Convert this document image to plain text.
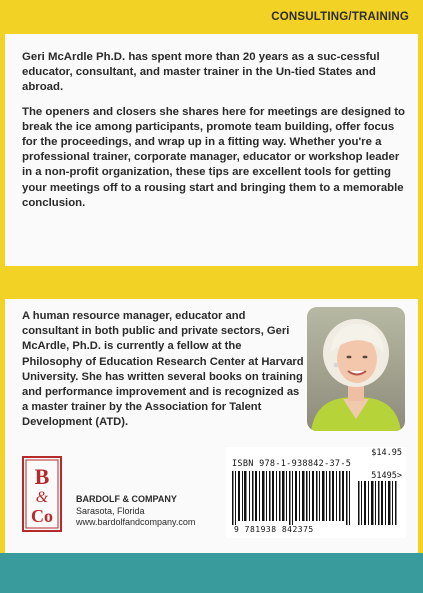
CONSULTING/TRAINING

Geri McArdle Ph.D. has spent more than 20 years as a suc-cessful educator, consultant, and master trainer in the Un-tied States and abroad.

The openers and closers she shares here for meetings are designed to break the ice among participants, promote team building, offer focus for the proceedings, and wrap up in a fitting way. Whether you're a professional trainer, corporate manager, educator or workshop leader in a non-profit organization, these tips are excellent tools for getting your meetings off to a rousing start and bringing them to a memorable conclusion.

A human resource manager, educator and consultant in both public and private sectors, Geri McArdle, Ph.D. is currently a fellow at the Philosophy of Education Research Center at Harvard University. She has written several books on training and performance improvement and is recognized as a master trainer by the Association for Talent Development (ATD).
B
&
Co
BARDOLF & COMPANY
Sarasota, Florida
www.bardolfandcompany.com
$14.95
ISBN 978-1-938842-37-5
51495>
9 781938 842375
